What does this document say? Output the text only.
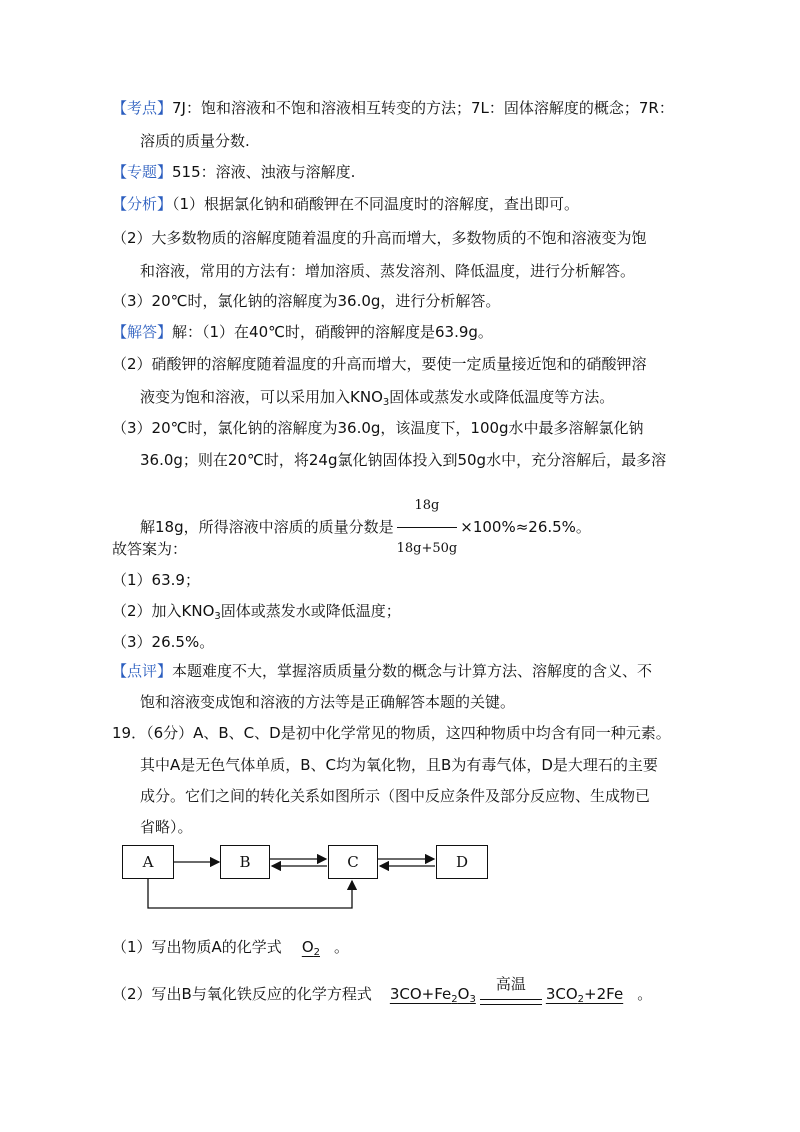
【考点】7J：饱和溶液和不饱和溶液相互转变的方法；7L：固体溶解度的概念；7R：
溶质的质量分数.
【专题】515：溶液、浊液与溶解度.
【分析】（1）根据氯化钠和硝酸钾在不同温度时的溶解度，查出即可。
（2）大多数物质的溶解度随着温度的升高而增大，多数物质的不饱和溶液变为饱
和溶液，常用的方法有：增加溶质、蒸发溶剂、降低温度，进行分析解答。
（3）20℃时，氯化钠的溶解度为36.0g，进行分析解答。
【解答】解：（1）在40℃时，硝酸钾的溶解度是63.9g。
（2）硝酸钾的溶解度随着温度的升高而增大，要使一定质量接近饱和的硝酸钾溶
液变为饱和溶液，可以采用加入$KNO_3$固体或蒸发水或降低温度等方法。
（3）20℃时，氯化钠的溶解度为36.0g，该温度下，100g水中最多溶解氯化钠
36.0g；则在20℃时，将24g氯化钠固体投入到50g水中，充分溶解后，最多溶
解18g，所得溶液中溶质的质量分数是 $\frac{18g}{18g+50g} \times 100\%\approx 26.5\%$。
故答案为：
（1）63.9；
（2）加入$KNO_3$固体或蒸发水或降低温度；
（3）26.5%。
【点评】本题难度不大，掌握溶质质量分数的概念与计算方法、溶解度的含义、不
饱和溶液变成饱和溶液的方法等是正确解答本题的关键。
19．（6分）A、B、C、D是初中化学常见的物质，这四种物质中均含有同一种元素。
其中A是无色气体单质，B、C均为氧化物，且B为有毒气体，D是大理石的主要
成分。它们之间的转化关系如图所示（图中反应条件及部分反应物、生成物已
省略）。
A	B	C	D
（1）写出物质A的化学式 $O_2$ 。
（2）写出B与氧化铁反应的化学方程式 $3CO+Fe_2O_3$
高温
$3CO_2+2Fe$ 。
